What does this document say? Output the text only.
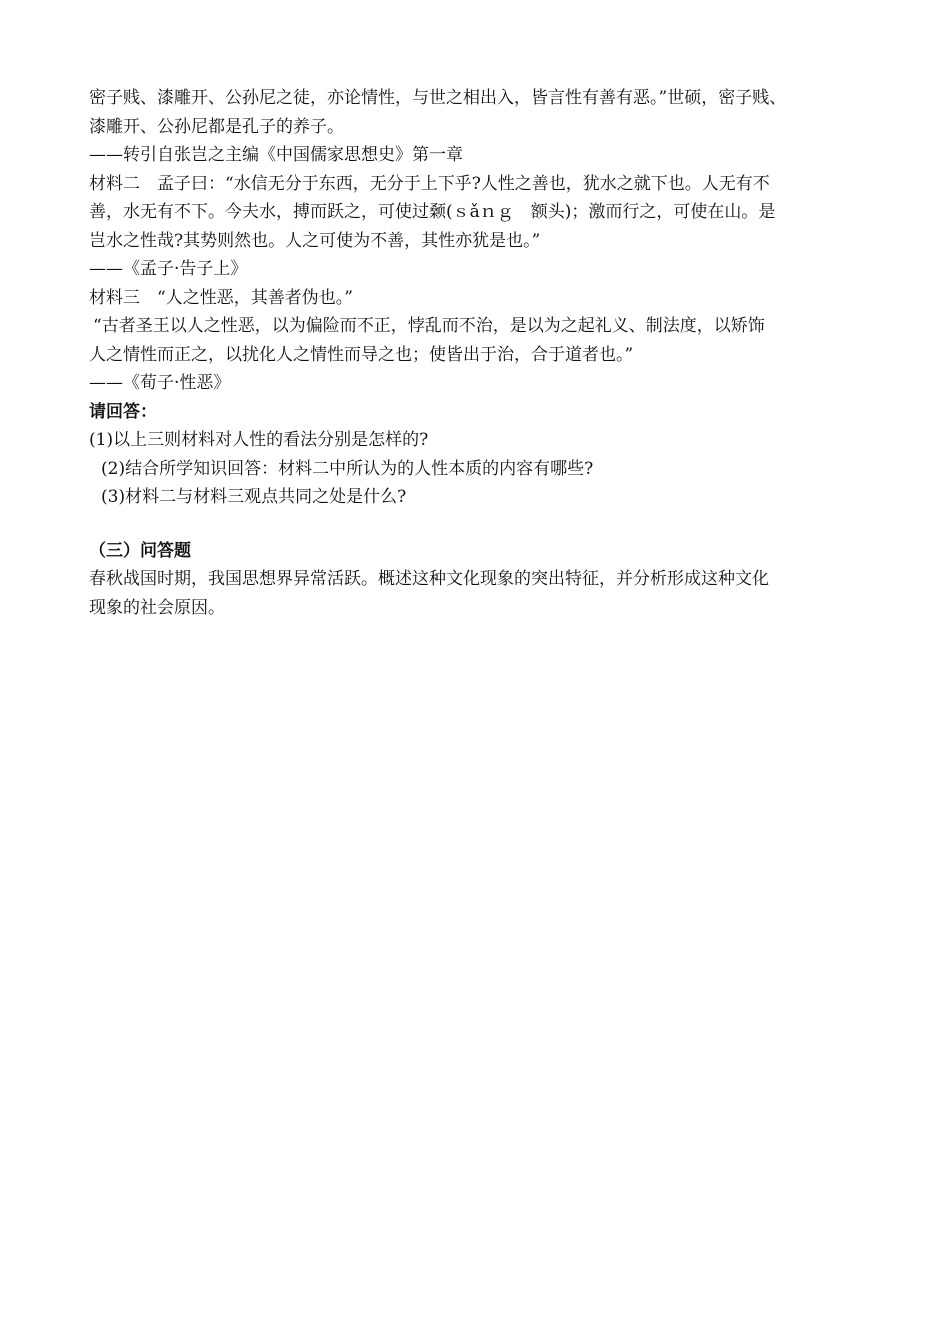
密子贱、漆雕开、公孙尼之徒，亦论情性，与世之相出入，皆言性有善有恶。”世硕，密子贱、
漆雕开、公孙尼都是孔子的养子。
——转引自张岂之主编《中国儒家思想史》第一章
材料二　孟子曰：“水信无分于东西，无分于上下乎?人性之善也，犹水之就下也。人无有不
善，水无有不下。今夫水，搏而跃之，可使过颡(ｓǎｎｇ　额头)；激而行之，可使在山。是
岂水之性哉?其势则然也。人之可使为不善，其性亦犹是也。”
——《孟子·告子上》
材料三　“人之性恶，其善者伪也。”
“古者圣王以人之性恶，以为偏险而不正，悖乱而不治，是以为之起礼义、制法度，以矫饰
人之情性而正之，以扰化人之情性而导之也；使皆出于治，合于道者也。”
——《荀子·性恶》
请回答：
(1)以上三则材料对人性的看法分别是怎样的?
(2)结合所学知识回答：材料二中所认为的人性本质的内容有哪些?
(3)材料二与材料三观点共同之处是什么?
（三）问答题
春秋战国时期，我国思想界异常活跃。概述这种文化现象的突出特征，并分析形成这种文化
现象的社会原因。
